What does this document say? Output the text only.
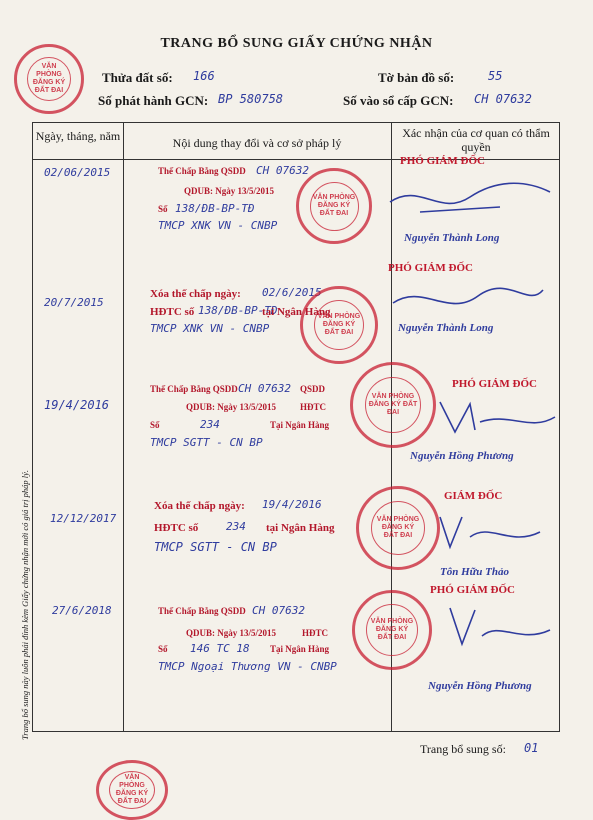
TRANG BỔ SUNG GIẤY CHỨNG NHẬN
Thửa đất số: 166	Tờ bản đồ số:	55
Số phát hành GCN: BP 580758	Số vào sổ cấp GCN: CH 07632
Ngày, tháng, năm	Nội dung thay đổi và cơ sở pháp lý
Xác nhận của cơ quan có thẩm quyền
VĂN PHÒNG ĐĂNG KÝ ĐẤT ĐAI
02/06/2015	Thế Chấp Bằng QSDD CH 07632
QDUB: Ngày 13/5/2015
Số 138/ĐB-BP-TĐ
TMCP XNK VN - CNBP
VĂN PHÒNG ĐĂNG KÝ ĐẤT ĐAI
PHÓ GIÁM ĐỐC
Nguyễn Thành Long
20/7/2015
Xóa thế chấp ngày: 02/6/2015
HĐTC số 138/ĐB-BP-TĐ
tại Ngân Hàng
TMCP XNK VN - CNBP
VĂN PHÒNG ĐĂNG KÝ ĐẤT ĐAI
PHÓ GIÁM ĐỐC
Nguyễn Thành Long
19/4/2016
Thế Chấp Bằng QSDD CH 07632 QSDD
QDUB: Ngày 13/5/2015	HĐTC
Số	234	Tại Ngân Hàng
TMCP SGTT - CN BP
VĂN PHÒNG ĐĂNG KÝ ĐẤT ĐAI
PHÓ GIÁM ĐỐC
Nguyễn Hồng Phương
12/12/2017
Xóa thế chấp ngày: 19/4/2016
HĐTC số	234 tại Ngân Hàng
TMCP SGTT - CN BP
VĂN PHÒNG ĐĂNG KÝ ĐẤT ĐAI
GIÁM ĐỐC
Tôn Hữu Thảo
27/6/2018	Thế Chấp Bằng QSDD CH 07632
QDUB: Ngày 13/5/2015	HĐTC
Số 146 TC 18 Tại Ngân Hàng
TMCP Ngoại Thương VN - CNBP
VĂN PHÒNG ĐĂNG KÝ ĐẤT ĐAI
PHÓ GIÁM ĐỐC
Nguyễn Hồng Phương
Trang bổ sung số: 01
VĂN PHÒNG ĐĂNG KÝ ĐẤT ĐAI
Trang bổ sung này luôn phải đính kèm Giấy chứng nhận mới có giá trị pháp lý.
